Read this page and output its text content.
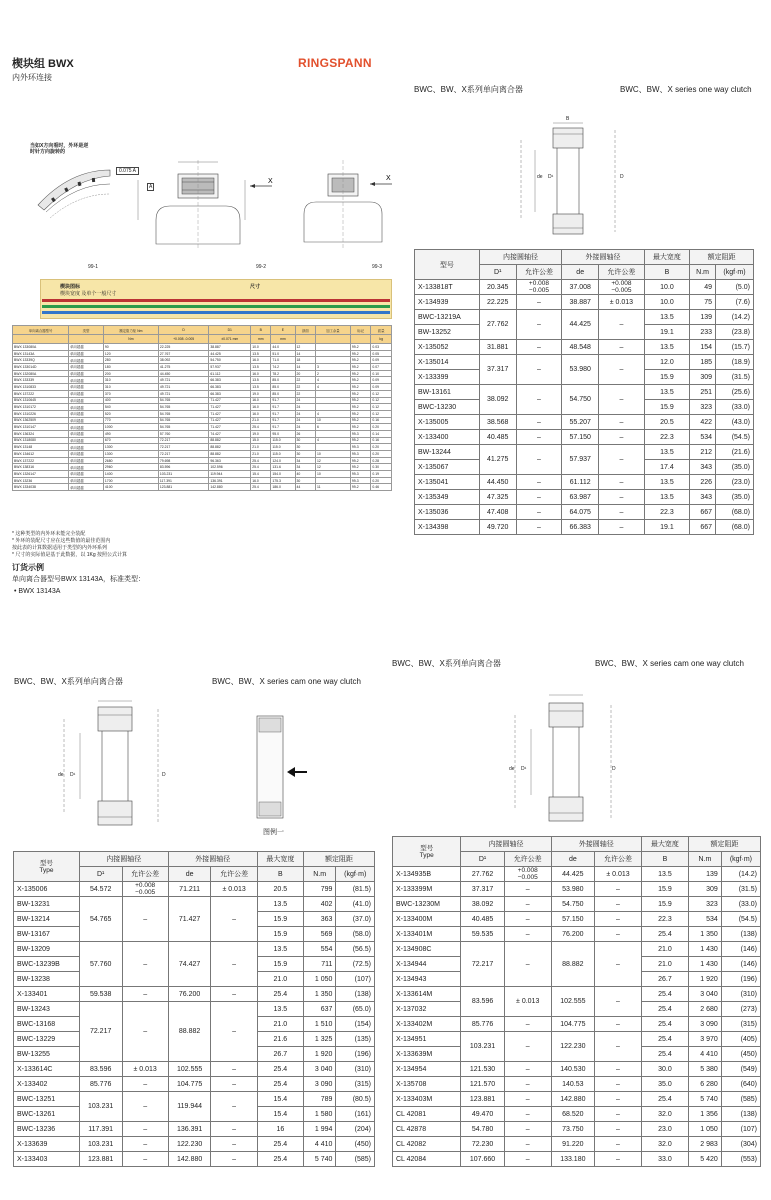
楔块组 BWX
内外环连接
RINGSPANN
当如X方向看时，外环是逆
时针方向旋转的
X	X
0.075 A
A
99-1	99-2	99-3
楔块图标	尺寸
楔块宽度 及单个一般尺寸
单向离合器型号	类型	额定阻力矩 Nm	D	D1	B	E	剖面	加工余量	标记	质量
		Nm	+0.008 -0.005	±0.071 mm	mm	mm				kg
BWX 133080A	单向超越	90	22.225	38.887	10.0	44.0	12		99-2	0.03
BWX 13143A	单向超越	120	27.767	44.425	13.5	51.0	14		99-2	0.05
BWX 13339Q	单向超越	280	38.092	54.750	16.0	71.0	18		99-2	0.09
BWX 133014D	单向超越	180	41.275	57.937	13.5	74.2	14	3	99-2	0.07
BWX 132080A	单向超越	200	44.450	61.112	16.0	78.2	20	2	99-2	0.10
BWX 133339	单向超越	310	49.721	66.383	13.5	85.0	22	4	99-2	0.09
BWX 1310833	单向超越	310	49.721	66.383	13.5	85.0	22	4	99-2	0.09
BWX 137222	单向超越	370	49.721	66.383	19.0	85.0	22		99-2	0.12
BWX 1310645	单向超越	400	54.765	71.427	16.0	91.7	24		99-2	0.12
BWX 1310172	单向超越	540	54.765	71.427	16.0	91.7	24		99-2	0.12
BWX 1310226	单向超越	520	54.765	71.427	16.0	91.7	24	4	99-2	0.12
BWX 1362509	单向超越	770	54.765	71.427	21.0	91.7	24	10	99-2	0.16
BWX 1310147	单向超越	1000	54.765	71.427	25.4	91.7	24	6	99-2	0.20
BWX 136324	单向超越	490	57.760	74.427	19.0	95.0	26		99-3	0.14
BWX 1318080	单向超越	670	72.217	88.882	15.0	115.0	30	4	99-2	0.16
BWX 13148	单向超越	1300	72.217	88.882	21.0	115.0	30		99-3	0.20
BWX 134612	单向超越	1300	72.217	88.882	21.0	115.0	30	10	99-3	0.20
BWX 137222	单向超越	2680	79.698	96.363	25.4	124.0	34	12	99-2	0.28
BWX 138316	单向超越	2960	83.596	102.596	25.4	131.6	34	12	99-2	0.30
BWX 1326147	单向超越	1400	103.231	119.944	15.4	154.0	40	10	99-3	0.19
BWX 13236	单向超越	1700	117.391	136.391	16.0	175.3	30		99-3	0.20
BWX 1334038	单向超越	4100	123.881	142.880	25.4	186.0	44	11	99-2	0.46
* 这种类型的内外环未能完全装配
* 外环的装配尺寸应在这些数值的最佳范围内
按此表的计算数据适用于类型的内外环系列
* 尺寸的实际值是基于此数据，以 1Kg 按照公式计算
订货示例
单向离合器型号BWX 13143A，标准类型：
• BWX 13143A
BWC、BW、X系列单向离合器	BWC、BW、X series one way clutch
de D¹	D
B
型号	内接圆轴径		外接圆轴径		最大宽度	额定阻距	
	D¹	允许公差	de	允许公差	B	N.m	(kgf·m)
X-133818T	20.345	+0.008
−0.005	37.008	+0.008
−0.005	10.0	49	(5.0)
X-134939	22.225	–	38.887	± 0.013	10.0	75	(7.6)
BWC-13219A	27.762	–	44.425	–	13.5	139	(14.2)
BW-13252					19.1	233	(23.8)
X-135052	31.881	–	48.548	–	13.5	154	(15.7)
X-135014	37.317	–	53.980	–	12.0	185	(18.9)
X-133399					15.9	309	(31.5)
BW-13161	38.092	–	54.750	–	13.5	251	(25.6)
BWC-13230					15.9	323	(33.0)
X-135005	38.568	–	55.207	–	20.5	422	(43.0)
X-133400	40.485	–	57.150	–	22.3	534	(54.5)
BW-13244	41.275	–	57.937	–	13.5	212	(21.6)
X-135067					17.4	343	(35.0)
X-135041	44.450	–	61.112	–	13.5	226	(23.0)
X-135349	47.325	–	63.987	–	13.5	343	(35.0)
X-135036	47.408	–	64.075	–	22.3	667	(68.0)
X-134398	49.720	–	66.383	–	19.1	667	(68.0)
BWC、BW、X系列单向离合器	BWC、BW、X series cam one way clutch
de D¹	D
图例一
型号
Type	内接圆轴径		外接圆轴径		最大宽度	额定阻距	
	D¹	允许公差	de	允许公差	B	N.m	(kgf·m)
X-135006	54.572	+0.008
−0.005	71.211	± 0.013	20.5	799	(81.5)
BW-13231	54.765	–	71.427	–	13.5	402	(41.0)
BW-13214					15.9	363	(37.0)
BW-13167					15.9	569	(58.0)
BW-13209	57.760	–	74.427	–	13.5	554	(56.5)
BWC-13239B					15.9	711	(72.5)
BW-13238					21.0	1 050	(107)
X-133401	59.538	–	76.200	–	25.4	1 350	(138)
BW-13243	72.217	–	88.882	–	13.5	637	(65.0)
BWC-13168					21.0	1 510	(154)
BWC-13229					21.6	1 325	(135)
BW-13255					26.7	1 920	(196)
X-133614C	83.596	± 0.013	102.555	–	25.4	3 040	(310)
X-133402	85.776	–	104.775	–	25.4	3 090	(315)
BWC-13251	103.231	–	119.944	–	15.4	789	(80.5)
BWC-13261					15.4	1 580	(161)
BWC-13236	117.391	–	136.391	–	16	1 994	(204)
X-133639	103.231	–	122.230	–	25.4	4 410	(450)
X-133403	123.881	–	142.880	–	25.4	5 740	(585)
BWC、BW、X系列单向离合器	BWC、BW、X series cam one way clutch
de D¹	D
型号
Type	内接圆轴径		外接圆轴径		最大宽度	额定阻距	
	D¹	允许公差	de	允许公差	B	N.m	(kgf·m)
X-134935B	27.762	+0.008
−0.005	44.425	± 0.013	13.5	139	(14.2)
X-133399M	37.317	–	53.980	–	15.9	309	(31.5)
BWC-13230M	38.092	–	54.750	–	15.9	323	(33.0)
X-133400M	40.485	–	57.150	–	22.3	534	(54.5)
X-133401M	59.535	–	76.200	–	25.4	1 350	(138)
X-134908C	72.217	–	88.882	–	21.0	1 430	(146)
X-134944					21.0	1 430	(146)
X-134943					26.7	1 920	(196)
X-133614M	83.596	± 0.013	102.555	–	25.4	3 040	(310)
X-137032					25.4	2 680	(273)
X-133402M	85.776	–	104.775	–	25.4	3 090	(315)
X-134951	103.231	–	122.230	–	25.4	3 970	(405)
X-133639M					25.4	4 410	(450)
X-134954	121.530	–	140.530	–	30.0	5 380	(549)
X-135708	121.570	–	140.53	–	35.0	6 280	(640)
X-133403M	123.881	–	142.880	–	25.4	5 740	(585)
CL 42081	49.470	–	68.520	–	32.0	1 356	(138)
CL 42878	54.780	–	73.750	–	23.0	1 050	(107)
CL 42082	72.230	–	91.220	–	32.0	2 983	(304)
CL 42084	107.660	–	133.180	–	33.0	5 420	(553)
